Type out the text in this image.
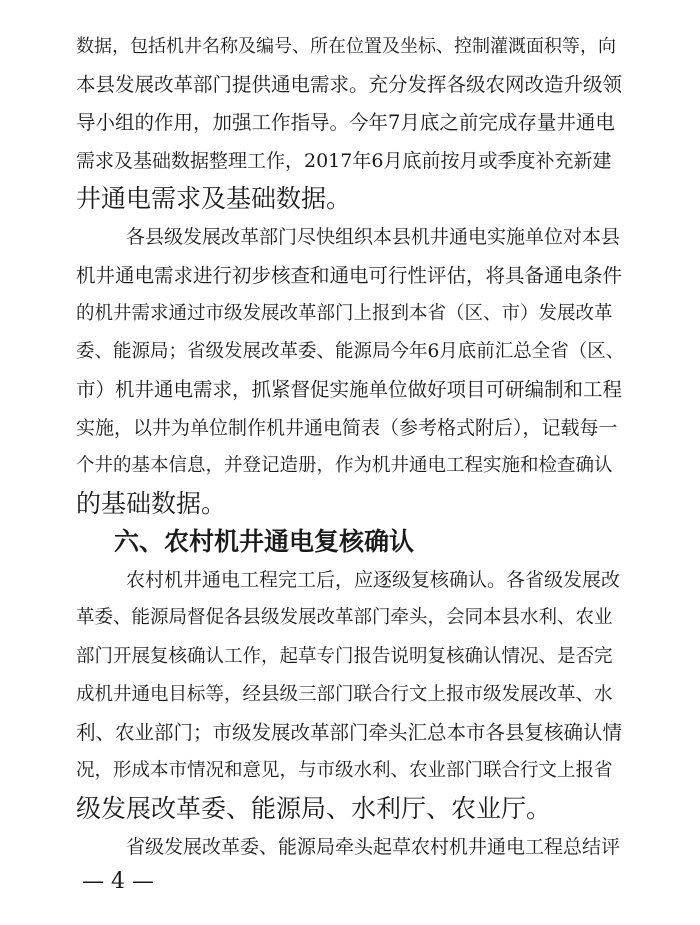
数据，包括机井名称及编号、所在位置及坐标、控制灌溉面积等，向
本县发展改革部门提供通电需求。充分发挥各级农网改造升级领
导小组的作用，加强工作指导。今年7月底之前完成存量井通电
需求及基础数据整理工作，2017年6月底前按月或季度补充新建
井通电需求及基础数据。
各县级发展改革部门尽快组织本县机井通电实施单位对本县
机井通电需求进行初步核查和通电可行性评估，将具备通电条件
的机井需求通过市级发展改革部门上报到本省（区、市）发展改革
委、能源局；省级发展改革委、能源局今年6月底前汇总全省（区、
市）机井通电需求，抓紧督促实施单位做好项目可研编制和工程
实施，以井为单位制作机井通电简表（参考格式附后），记载每一
个井的基本信息，并登记造册，作为机井通电工程实施和检查确认
的基础数据。
六、农村机井通电复核确认
农村机井通电工程完工后，应逐级复核确认。各省级发展改
革委、能源局督促各县级发展改革部门牵头，会同本县水利、农业
部门开展复核确认工作，起草专门报告说明复核确认情况、是否完
成机井通电目标等，经县级三部门联合行文上报市级发展改革、水
利、农业部门；市级发展改革部门牵头汇总本市各县复核确认情
况，形成本市情况和意见，与市级水利、农业部门联合行文上报省
级发展改革委、能源局、水利厅、农业厅。
省级发展改革委、能源局牵头起草农村机井通电工程总结评
— 4 —
